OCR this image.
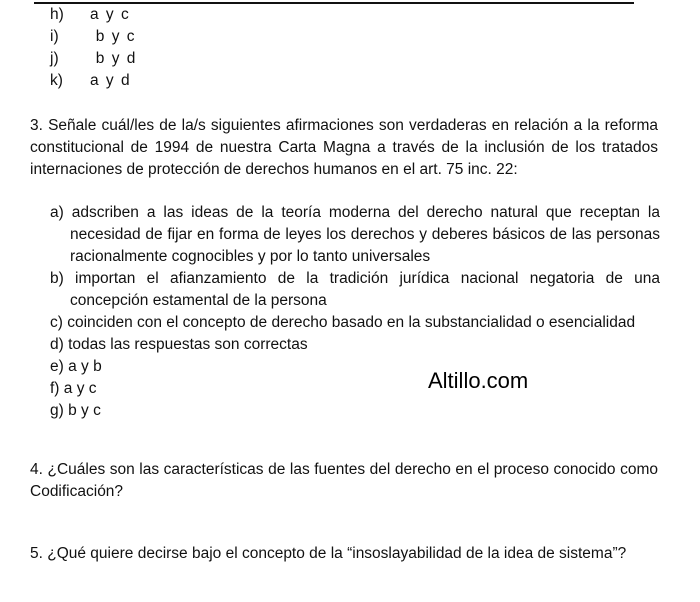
h)	a y c
i)	b y c
j)	b y d
k)	a y d

3. Señale cuál/les de la/s siguientes afirmaciones son verdaderas en relación a la reforma constitucional de 1994 de nuestra Carta Magna a través de la inclusión de los tratados internaciones de protección de derechos humanos en el art. 75 inc. 22:

a) adscriben a las ideas de la teoría moderna del derecho natural que receptan la necesidad de fijar en forma de leyes los derechos y deberes básicos de las personas racionalmente cognocibles y por lo tanto universales

b) importan el afianzamiento de la tradición jurídica nacional negatoria de una concepción estamental de la persona

c) coinciden con el concepto de derecho basado en la substancialidad o esencialidad

d) todas las respuestas son correctas

e) a y b

f) a y c

g) b y c

Altillo.com

4. ¿Cuáles son las características de las fuentes del derecho en el proceso conocido como Codificación?

5. ¿Qué quiere decirse bajo el concepto de la “insoslayabilidad de la idea de sistema”?
